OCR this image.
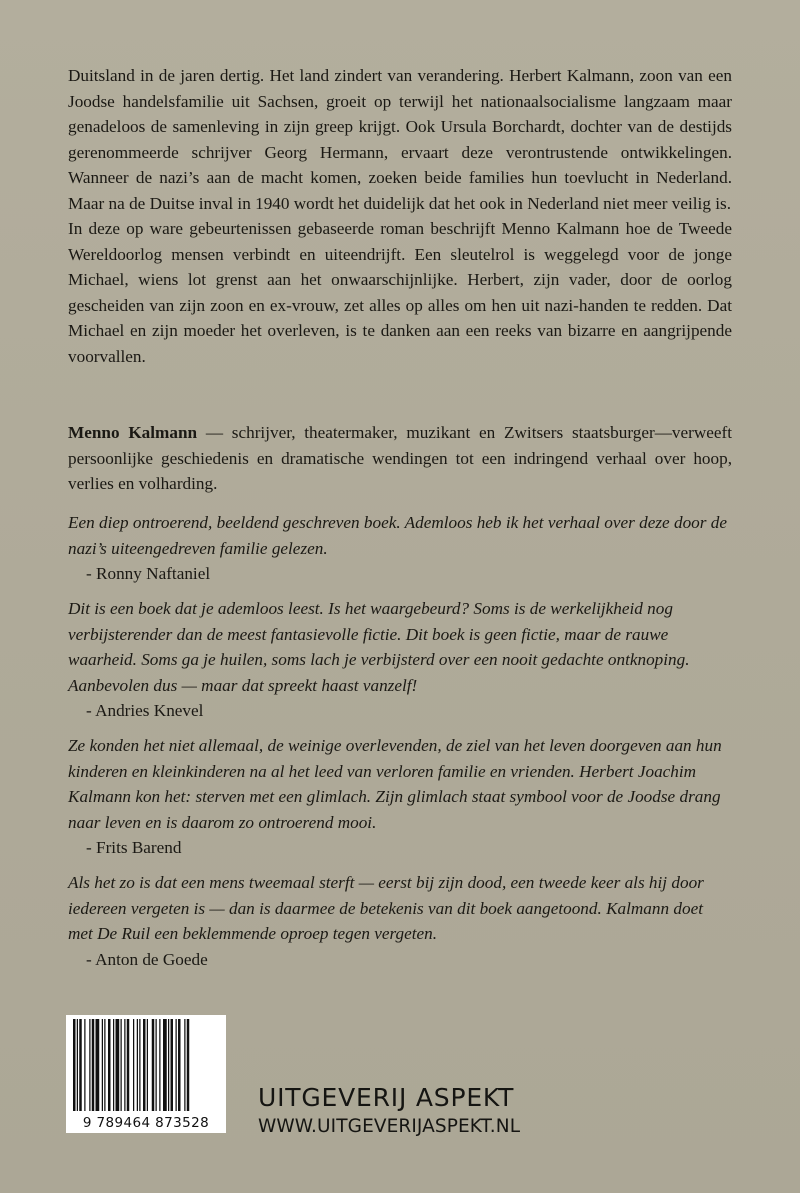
Duitsland in de jaren dertig. Het land zindert van verandering. Herbert Kalmann, zoon van een Joodse handelsfamilie uit Sachsen, groeit op terwijl het nationaalsocialisme langzaam maar genadeloos de samenleving in zijn greep krijgt. Ook Ursula Borchardt, dochter van de destijds gerenommeerde schrijver Georg Hermann, ervaart deze verontrustende ontwikkelingen. Wanneer de nazi’s aan de macht komen, zoeken beide families hun toevlucht in Nederland. Maar na de Duitse inval in 1940 wordt het duidelijk dat het ook in Nederland niet meer veilig is.

In deze op ware gebeurtenissen gebaseerde roman beschrijft Menno Kalmann hoe de Tweede Wereldoorlog mensen verbindt en uiteendrijft. Een sleutelrol is weggelegd voor de jonge Michael, wiens lot grenst aan het onwaarschijnlijke. Herbert, zijn vader, door de oorlog gescheiden van zijn zoon en ex-vrouw, zet alles op alles om hen uit nazi-handen te redden. Dat Michael en zijn moeder het overleven, is te danken aan een reeks van bizarre en aangrijpende voorvallen.

Menno Kalmann — schrijver, theatermaker, muzikant en Zwitsers staatsburger—verweeft persoonlijke geschiedenis en dramatische wendingen tot een indringend verhaal over hoop, verlies en volharding.

Een diep ontroerend, beeldend geschreven boek. Ademloos heb ik het verhaal over deze door de nazi’s uiteengedreven familie gelezen.
- Ronny Naftaniel
Dit is een boek dat je ademloos leest. Is het waargebeurd? Soms is de werkelijkheid nog verbijsterender dan de meest fantasievolle fictie. Dit boek is geen fictie, maar de rauwe waarheid. Soms ga je huilen, soms lach je verbijsterd over een nooit gedachte ontknoping. Aanbevolen dus — maar dat spreekt haast vanzelf!
- Andries Knevel
Ze konden het niet allemaal, de weinige overlevenden, de ziel van het leven doorgeven aan hun kinderen en kleinkinderen na al het leed van verloren familie en vrienden. Herbert Joachim Kalmann kon het: sterven met een glimlach. Zijn glimlach staat symbool voor de Joodse drang naar leven en is daarom zo ontroerend mooi.
- Frits Barend
Als het zo is dat een mens tweemaal sterft — eerst bij zijn dood, een tweede keer als hij door iedereen vergeten is — dan is daarmee de betekenis van dit boek aangetoond. Kalmann doet met De Ruil een beklemmende oproep tegen vergeten.
- Anton de Goede
9 789464 873528
UITGEVERIJ ASPEKT
WWW.UITGEVERIJASPEKT.NL
